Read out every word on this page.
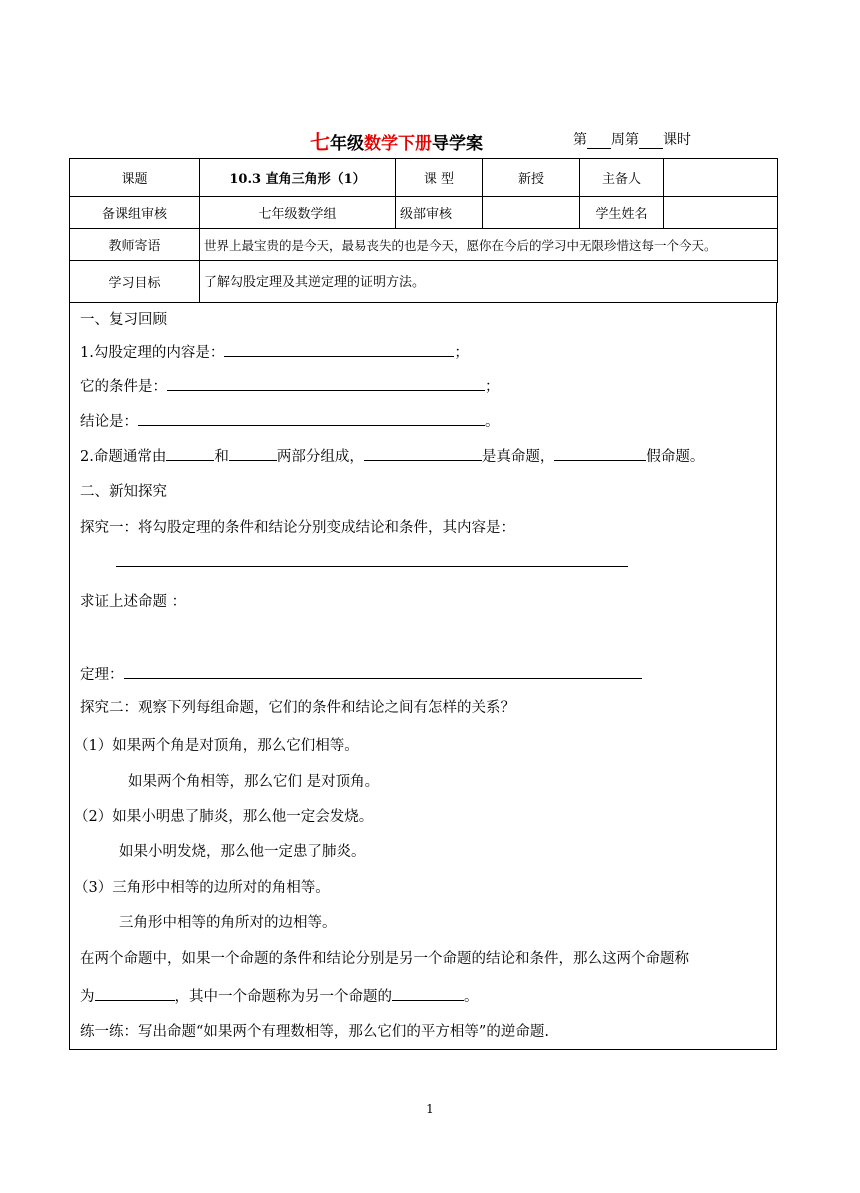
七年级数学下册导学案	第 周第 课时
课题	10.3 直角三角形（1）	课 型	新授	主备人	
备课组审核	七年级数学组	级部审核		学生姓名	
教师寄语	世界上最宝贵的是今天，最易丧失的也是今天，愿你在今后的学习中无限珍惜这每一个今天。				
学习目标	了解勾股定理及其逆定理的证明方法。				
一、复习回顾
1.勾股定理的内容是：	；
它的条件是：	；
结论是：	。
2.命题通常由	和	两部分组成，	是真命题，	假命题。
二、新知探究
探究一：将勾股定理的条件和结论分别变成结论和条件，其内容是：
求证上述命题 ：
定理：
探究二：观察下列每组命题，它们的条件和结论之间有怎样的关系？
（1）如果两个角是对顶角，那么它们相等。
如果两个角相等，那么它们 是对顶角。
（2）如果小明患了肺炎，那么他一定会发烧。
如果小明发烧，那么他一定患了肺炎。
（3）三角形中相等的边所对的角相等。
三角形中相等的角所对的边相等。
在两个命题中，如果一个命题的条件和结论分别是另一个命题的结论和条件，那么这两个命题称
为	，其中一个命题称为另一个命题的	。
练一练：写出命题“如果两个有理数相等，那么它们的平方相等”的逆命题.
1
